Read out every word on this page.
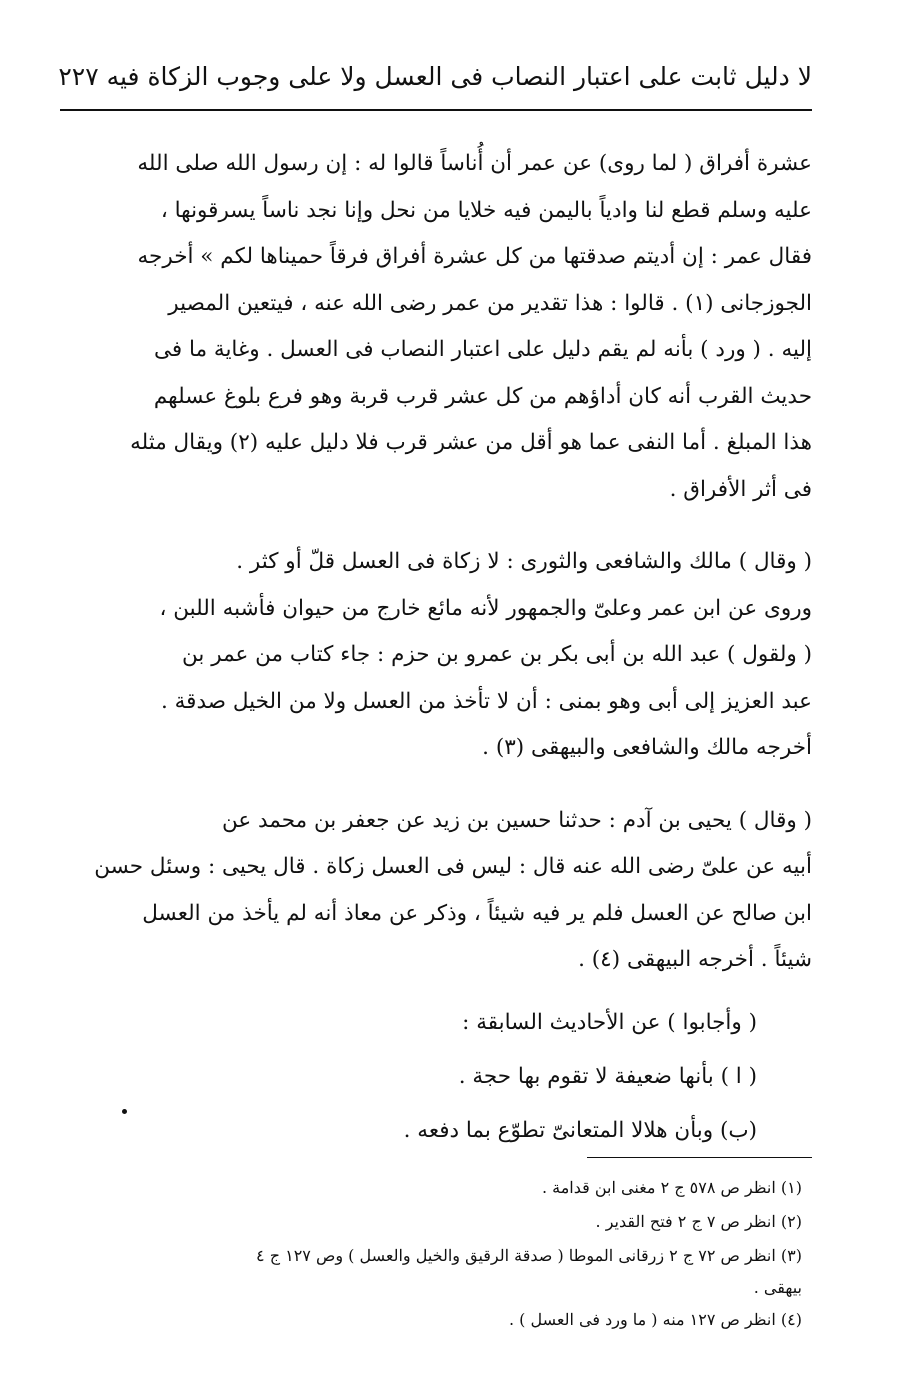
لا دليل ثابت على اعتبار النصاب فى العسل ولا على وجوب الزكاة فيه ٢٢٧

عشرة أفراق ( لما روى) عن عمر أن أُناساً قالوا له : إن رسول الله صلى الله
عليه وسلم قطع لنا وادياً باليمن فيه خلايا من نحل وإنا نجد ناساً يسرقونها ،
فقال عمر : إن أديتم صدقتها من كل عشرة أفراق فرقاً حميناها لكم » أخرجه
الجوزجانى (١) . قالوا : هذا تقدير من عمر رضى الله عنه ، فيتعين المصير
إليه . ( ورد ) بأنه لم يقم دليل على اعتبار النصاب فى العسل . وغاية ما فى
حديث القرب أنه كان أداؤهم من كل عشر قرب قربة وهو فرع بلوغ عسلهم
هذا المبلغ . أما النفى عما هو أقل من عشر قرب فلا دليل عليه (٢) ويقال مثله
فى أثر الأفراق .

( وقال ) مالك والشافعى والثورى : لا زكاة فى العسل قلّ أو كثر .
وروى عن ابن عمر وعلىّ والجمهور لأنه مائع خارج من حيوان فأشبه اللبن ،
( ولقول ) عبد الله بن أبى بكر بن عمرو بن حزم : جاء كتاب من عمر بن
عبد العزيز إلى أبى وهو بمنى : أن لا تأخذ من العسل ولا من الخيل صدقة .
أخرجه مالك والشافعى والبيهقى (٣) .

( وقال ) يحيى بن آدم : حدثنا حسين بن زيد عن جعفر بن محمد عن
أبيه عن علىّ رضى الله عنه قال : ليس فى العسل زكاة . قال يحيى : وسئل حسن
ابن صالح عن العسل فلم ير فيه شيئاً ، وذكر عن معاذ أنه لم يأخذ من العسل
شيئاً . أخرجه البيهقى (٤) .

( وأجابوا ) عن الأحاديث السابقة :
( ا ) بأنها ضعيفة لا تقوم بها حجة .
(ب) وبأن هلالا المتعانىّ تطوّع بما دفعه .
(١) انظر ص ٥٧٨ ج ٢ مغنى ابن قدامة .
(٢) انظر ص ٧ ج ٢ فتح القدير .
(٣) انظر ص ٧٢ ج ٢ زرقانى الموطا ( صدقة الرقيق والخيل والعسل ) وص ١٢٧ ج ٤
بيهقى .
(٤) انظر ص ١٢٧ منه ( ما ورد فى العسل ) .
